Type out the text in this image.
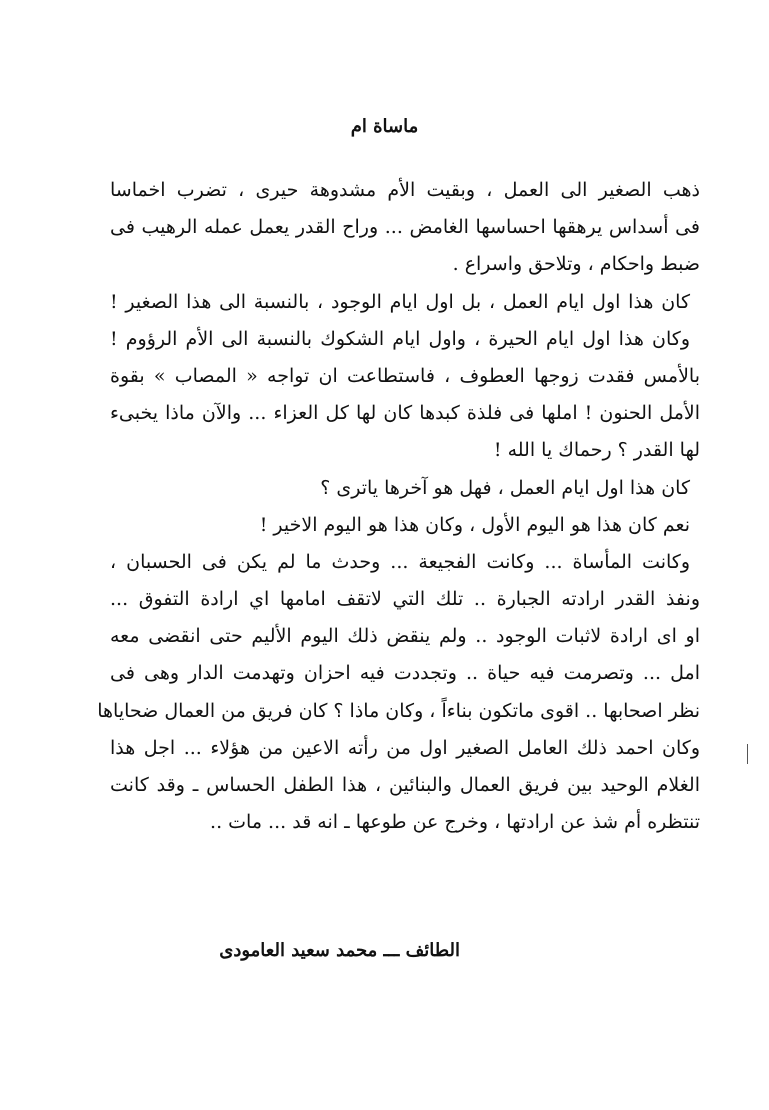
ماساة ام
ذهب الصغير الى العمل ، وبقيت الأم مشدوهة حيرى ، تضرب اخماسا
فى أسداس يرهقها احساسها الغامض ... وراح القدر يعمل عمله الرهيب فى
ضبط واحكام ، وتلاحق واسراع .
كان هذا اول ايام العمل ، بل اول ايام الوجود ، بالنسبة الى هذا الصغير !
وكان هذا اول ايام الحيرة ، واول ايام الشكوك بالنسبة الى الأم الرؤوم !
بالأمس فقدت زوجها العطوف ، فاستطاعت ان تواجه « المصاب » بقوة
الأمل الحنون ! املها فى فلذة كبدها كان لها كل العزاء ... والآن ماذا يخبىء
لها القدر ؟ رحماك يا الله !
كان هذا اول ايام العمل ، فهل هو آخرها ياترى ؟
نعم كان هذا هو اليوم الأول ، وكان هذا هو اليوم الاخير !
وكانت المأساة ... وكانت الفجيعة ... وحدث ما لم يكن فى الحسبان ،
ونفذ القدر ارادته الجبارة .. تلك التي لاتقف امامها اي ارادة التفوق ...
او اى ارادة لاثبات الوجود .. ولم ينقض ذلك اليوم الأليم حتى انقضى معه
امل ... وتصرمت فيه حياة .. وتجددت فيه احزان وتهدمت الدار وهى فى
نظر اصحابها .. اقوى ماتكون بناءاً ، وكان ماذا ؟ كان فريق من العمال ضحاياها
وكان احمد ذلك العامل الصغير اول من رأته الاعين من هؤلاء ... اجل هذا
الغلام الوحيد بين فريق العمال والبنائين ، هذا الطفل الحساس ـ وقد كانت
تنتظره أم شذ عن ارادتها ، وخرج عن طوعها ـ انه قد ... مات ..
الطائف ـــ محمد سعيد العامودى
